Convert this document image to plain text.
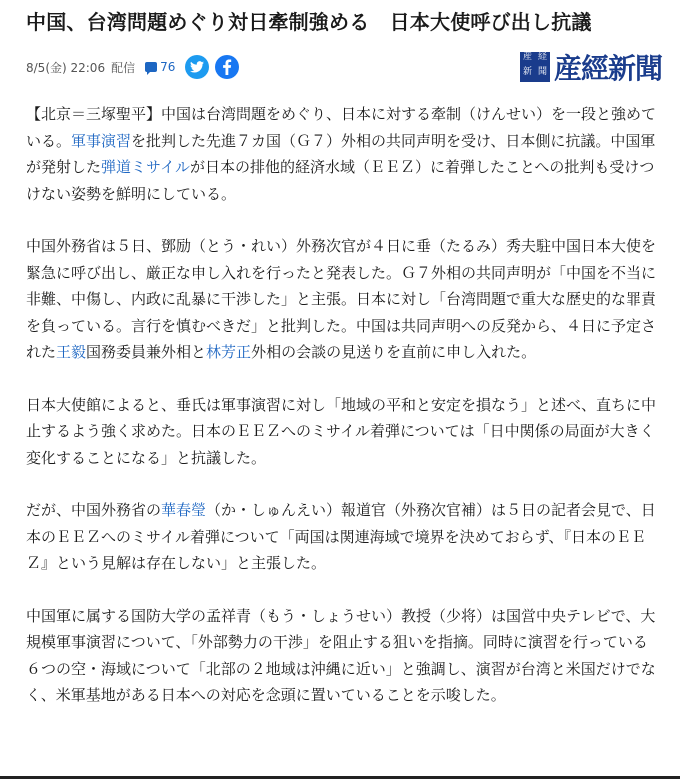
中国、台湾問題めぐり対日牽制強める　日本大使呼び出し抗議
8/5(金) 22:06 配信 76
産 経
新 聞 産經新聞

【北京＝三塚聖平】中国は台湾問題をめぐり、日本に対する牽制（けんせい）を一段と強めている。軍事演習を批判した先進７カ国（Ｇ７）外相の共同声明を受け、日本側に抗議。中国軍が発射した弾道ミサイルが日本の排他的経済水域（ＥＥＺ）に着弾したことへの批判も受けつけない姿勢を鮮明にしている。

中国外務省は５日、鄧励（とう・れい）外務次官が４日に垂（たるみ）秀夫駐中国日本大使を緊急に呼び出し、厳正な申し入れを行ったと発表した。Ｇ７外相の共同声明が「中国を不当に非難、中傷し、内政に乱暴に干渉した」と主張。日本に対し「台湾問題で重大な歴史的な罪責を負っている。言行を慎むべきだ」と批判した。中国は共同声明への反発から、４日に予定された王毅国務委員兼外相と林芳正外相の会談の見送りを直前に申し入れた。

日本大使館によると、垂氏は軍事演習に対し「地域の平和と安定を損なう」と述べ、直ちに中止するよう強く求めた。日本のＥＥＺへのミサイル着弾については「日中関係の局面が大きく変化することになる」と抗議した。

だが、中国外務省の華春瑩（か・しゅんえい）報道官（外務次官補）は５日の記者会見で、日本のＥＥＺへのミサイル着弾について「両国は関連海域で境界を決めておらず、『日本のＥＥＺ』という見解は存在しない」と主張した。

中国軍に属する国防大学の孟祥青（もう・しょうせい）教授（少将）は国営中央テレビで、大規模軍事演習について、「外部勢力の干渉」を阻止する狙いを指摘。同時に演習を行っている６つの空・海域について「北部の２地域は沖縄に近い」と強調し、演習が台湾と米国だけでなく、米軍基地がある日本への対応を念頭に置いていることを示唆した。
